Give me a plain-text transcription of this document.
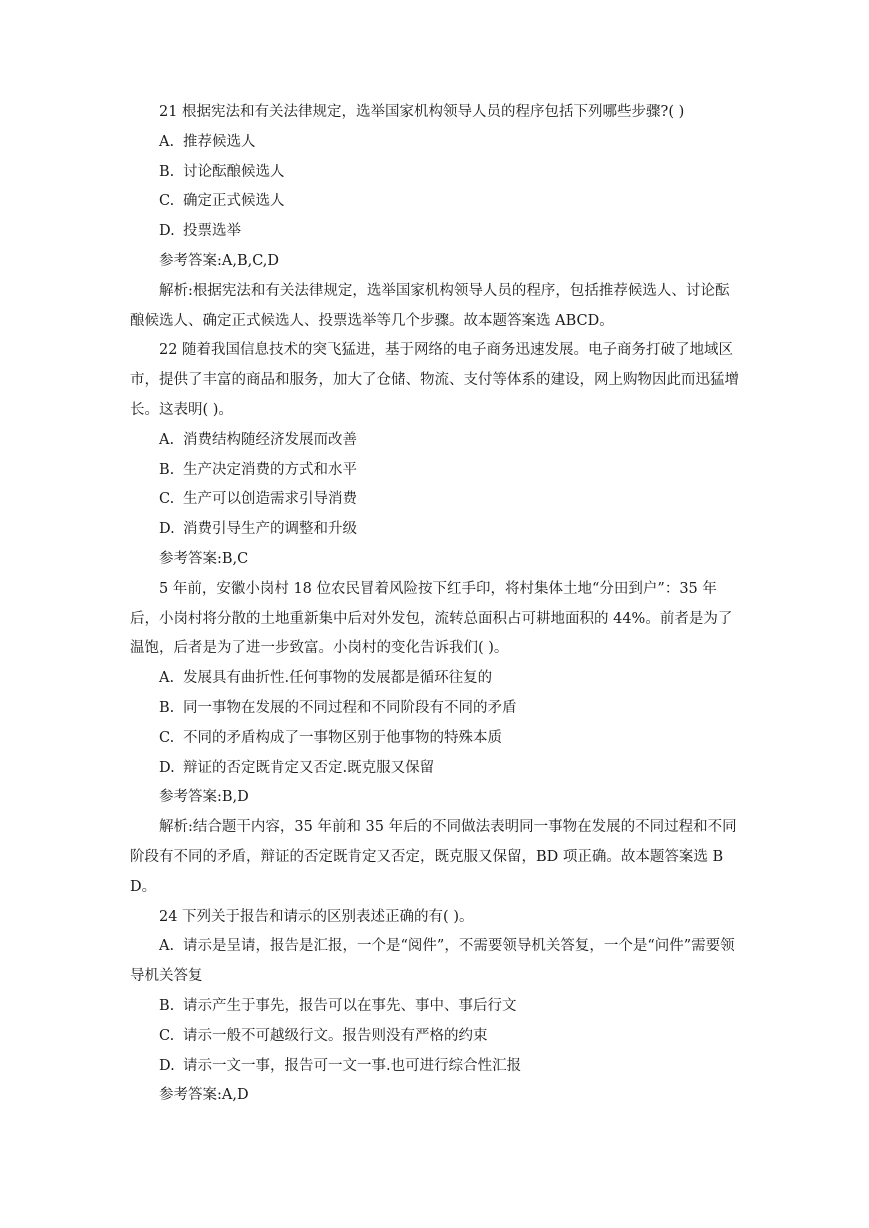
21 根据宪法和有关法律规定，选举国家机构领导人员的程序包括下列哪些步骤?( )

A. 推荐候选人

B. 讨论酝酿候选人

C. 确定正式候选人

D. 投票选举

参考答案:A,B,C,D

解析:根据宪法和有关法律规定，选举国家机构领导人员的程序，包括推荐候选人、讨论酝酿候选人、确定正式候选人、投票选举等几个步骤。故本题答案选 ABCD。

22 随着我国信息技术的突飞猛进，基于网络的电子商务迅速发展。电子商务打破了地域区市，提供了丰富的商品和服务，加大了仓储、物流、支付等体系的建设，网上购物因此而迅猛增长。这表明( )。

A. 消费结构随经济发展而改善

B. 生产决定消费的方式和水平

C. 生产可以创造需求引导消费

D. 消费引导生产的调整和升级

参考答案:B,C

5 年前，安徽小岗村 18 位农民冒着风险按下红手印，将村集体土地“分田到户”：35 年后，小岗村将分散的土地重新集中后对外发包，流转总面积占可耕地面积的 44%。前者是为了温饱，后者是为了进一步致富。小岗村的变化告诉我们( )。

A. 发展具有曲折性.任何事物的发展都是循环往复的

B. 同一事物在发展的不同过程和不同阶段有不同的矛盾

C. 不同的矛盾构成了一事物区别于他事物的特殊本质

D. 辩证的否定既肯定又否定.既克服又保留

参考答案:B,D

解析:结合题干内容，35 年前和 35 年后的不同做法表明同一事物在发展的不同过程和不同阶段有不同的矛盾，辩证的否定既肯定又否定，既克服又保留，BD 项正确。故本题答案选 BD。

24 下列关于报告和请示的区别表述正确的有( )。

A. 请示是呈请，报告是汇报，一个是“阅件”，不需要领导机关答复，一个是“问件”需要领导机关答复

B. 请示产生于事先，报告可以在事先、事中、事后行文

C. 请示一般不可越级行文。报告则没有严格的约束

D. 请示一文一事，报告可一文一事.也可进行综合性汇报

参考答案:A,D
